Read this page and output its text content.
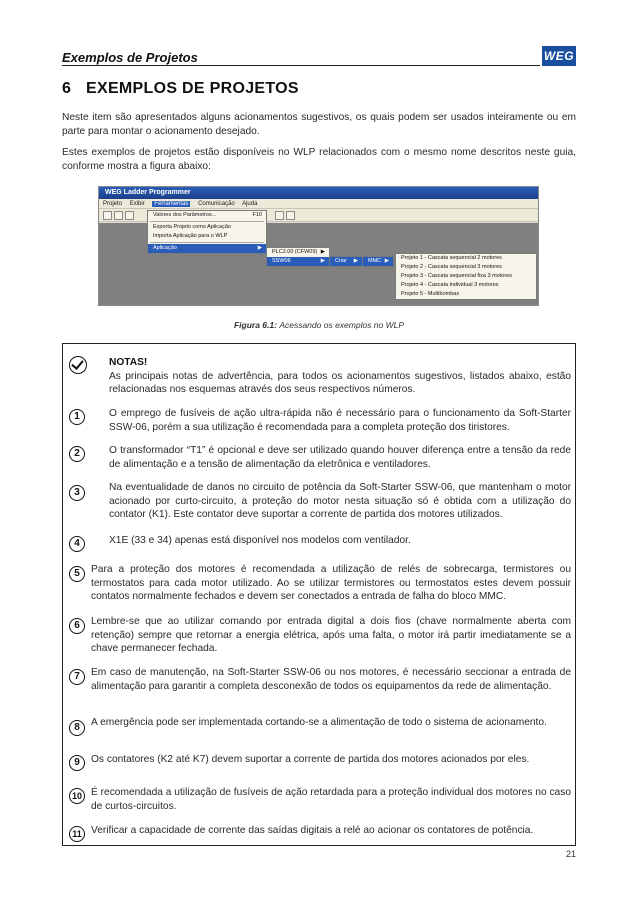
Exemplos de Projetos	WEG
6 EXEMPLOS DE PROJETOS
Neste item são apresentados alguns acionamentos sugestivos, os quais podem ser usados inteiramente ou em parte para montar o acionamento desejado.
Estes exemplos de projetos estão disponíveis no WLP relacionados com o mesmo nome descritos neste guia, conforme mostra a figura abaixo:
WEG Ladder Programmer
Projeto Exibir Ferramentas Comunicação Ajuda
Valores dos Parâmetros...	F10
Exporta Projeto como Aplicação
Importa Aplicação para o WLP
Aplicação	▶
PLC2.00 (CFW09) ▶
SSW06	▶	Criar ▶	MMC ▶	Projeto 1 - Cascata sequencial 2 motores
Projeto 2 - Cascata sequencial 3 motores
Projeto 3 - Cascata sequencial fixa 3 motores
Projeto 4 - Cascata individual 3 motores
Projeto 5 - Multibombas
Figura 6.1: Acessando os exemplos no WLP
NOTAS!
As principais notas de advertência, para todos os acionamentos sugestivos, listados abaixo, estão relacionadas nos esquemas através dos seus respectivos números.
1	O emprego de fusíveis de ação ultra-rápida não é necessário para o funcionamento da Soft-Starter SSW-06, porém a sua utilização é recomendada para a completa proteção dos tiristores.
2	O transformador “T1” é opcional e deve ser utilizado quando houver diferença entre a tensão da rede de alimentação e a tensão de alimentação da eletrônica e ventiladores.
3	Na eventualidade de danos no circuito de potência da Soft-Starter SSW-06, que mantenham o motor acionado por curto-circuito, a proteção do motor nesta situação só é obtida com a utilização do contator (K1). Este contator deve suportar a corrente de partida dos motores utilizados.
4	X1E (33 e 34) apenas está disponível nos modelos com ventilador.
5	Para a proteção dos motores é recomendada a utilização de relés de sobrecarga, termistores ou termostatos para cada motor utilizado. Ao se utilizar termistores ou termostatos estes devem possuir contatos normalmente fechados e devem ser conectados a entrada de falha do bloco MMC.
6	Lembre-se que ao utilizar comando por entrada digital a dois fios (chave normalmente aberta com retenção) sempre que retornar a energia elétrica, após uma falta, o motor irá partir imediatamente se a chave permanecer fechada.
7	Em caso de manutenção, na Soft-Starter SSW-06 ou nos motores, é necessário seccionar a entrada de alimentação para garantir a completa desconexão de todos os equipamentos da rede de alimentação.
8	A emergência pode ser implementada cortando-se a alimentação de todo o sistema de acionamento.
9	Os contatores (K2 até K7) devem suportar a corrente de partida dos motores acionados por eles.
10 É recomendada a utilização de fusíveis de ação retardada para a proteção individual dos motores no caso de curtos-circuitos.
11 Verificar a capacidade de corrente das saídas digitais a relé ao acionar os contatores de potência.
21
